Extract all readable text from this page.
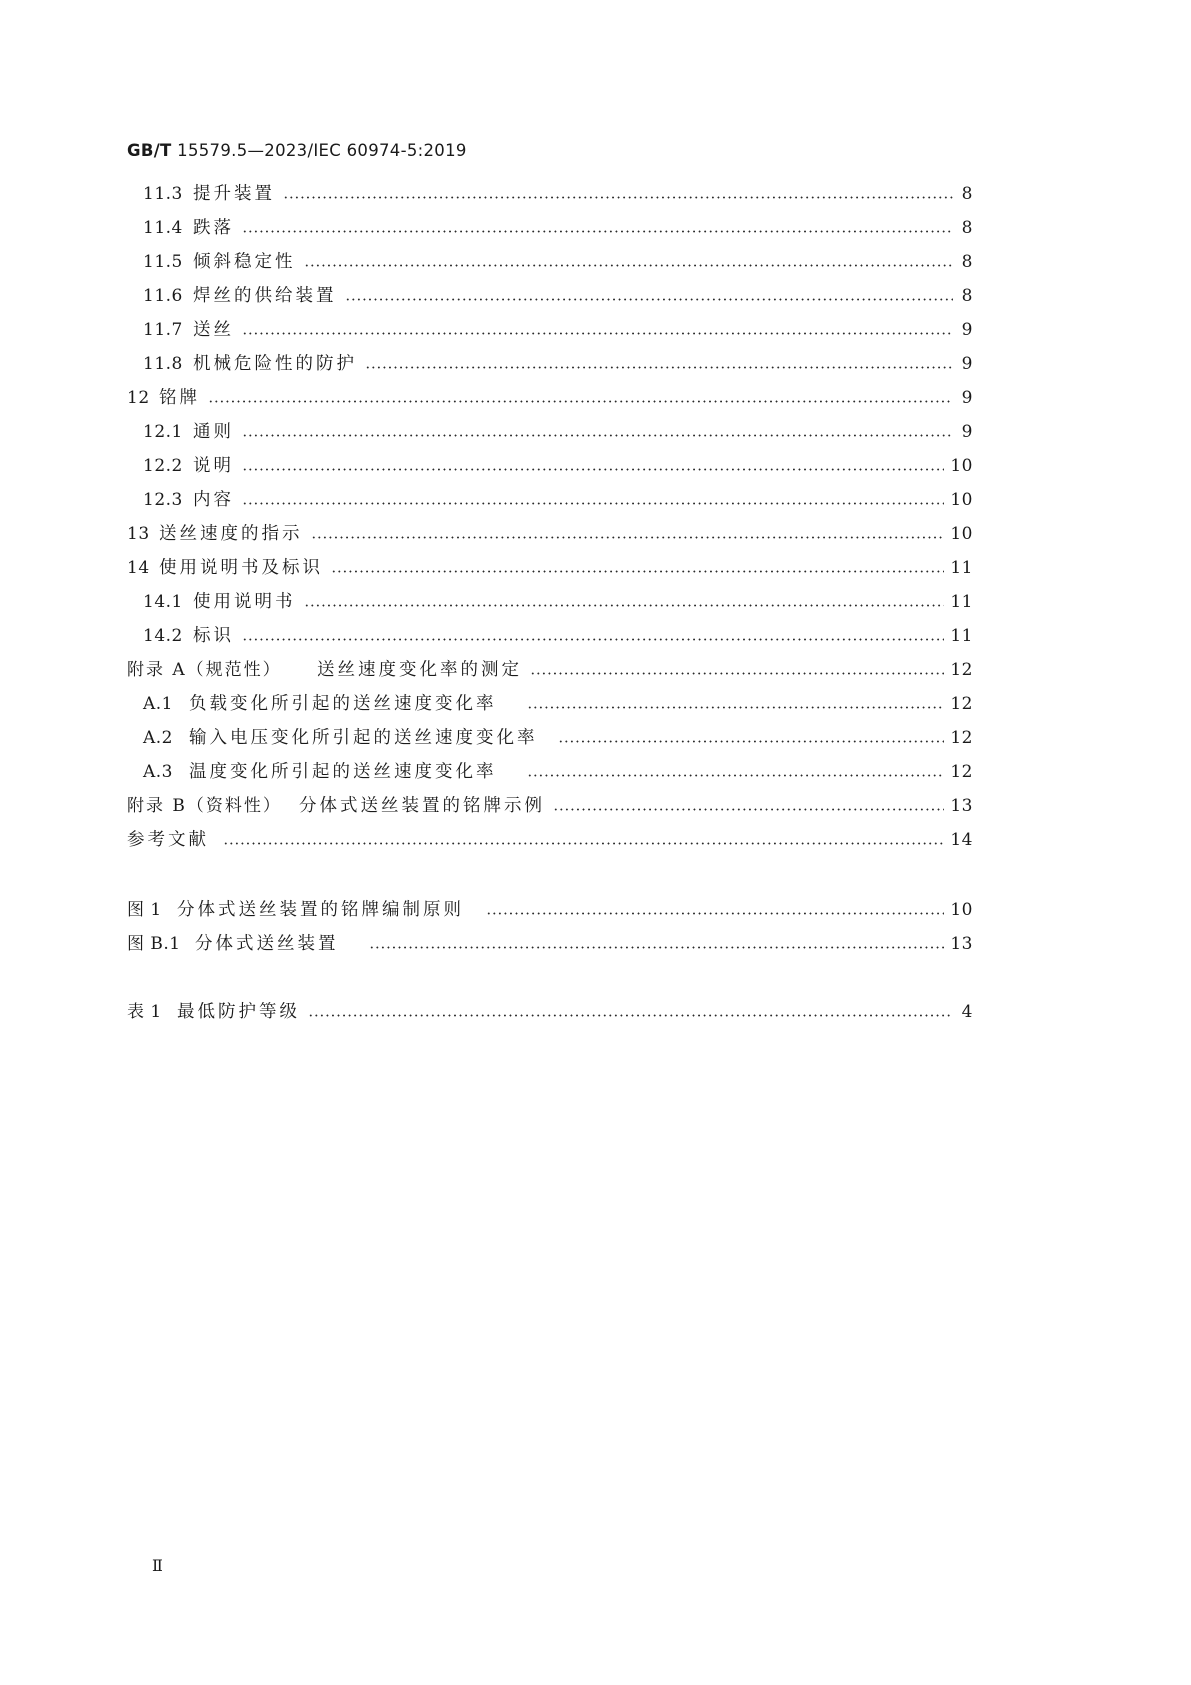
GB/T 15579.5—2023/IEC 60974-5:2019
11.3 提升装置	8
11.4 跌落	8
11.5 倾斜稳定性	8
11.6 焊丝的供给装置	8
11.7 送丝	9
11.8 机械危险性的防护	9
12 铭牌	9
12.1 通则	9
12.2 说明	10
12.3 内容	10
13 送丝速度的指示	10
14 使用说明书及标识	11
14.1 使用说明书	11
14.2 标识	11
附录 A（规范性）	送丝速度变化率的测定	12
A.1 负载变化所引起的送丝速度变化率	12
A.2 输入电压变化所引起的送丝速度变化率	12
A.3 温度变化所引起的送丝速度变化率	12
附录 B（资料性） 分体式送丝装置的铭牌示例	13
参考文献	14
图 1 分体式送丝装置的铭牌编制原则	10
图 B.1 分体式送丝装置	13
表 1 最低防护等级	4
Ⅱ
